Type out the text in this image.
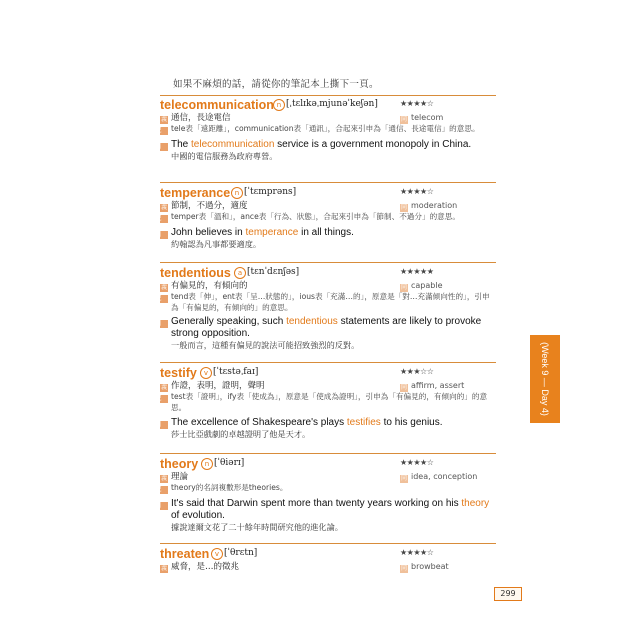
如果不麻煩的話，請從你的筆記本上撕下一頁。
telecommunication n [ˌtɛlɪkəˌmjunəˈkeʃən]	★★★★☆
義 通信，長途電信	同 telecom
記 tele表「遠距離」，communication表「通訊」，合起來引申為「通信、長途電信」的意思。
例 The telecommunication service is a government monopoly in China.
中國的電信服務為政府專營。
temperance n [ˈtɛmprəns]	★★★★☆
義 節制，不過分，適度	同 moderation
記 temper表「溫和」，ance表「行為、狀態」，合起來引申為「節制、不過分」的意思。
例 John believes in temperance in all things.
約翰認為凡事都要適度。
tendentious	a [tɛnˈdɛnʃəs]	★★★★★
義 有偏見的，有傾向的	同 capable
記 tend表「伸」，ent表「呈…狀態的」，ious表「充滿…的」，原意是「對…充滿傾向性的」，引申為「有偏見的，有傾向的」的意思。
例 Generally speaking, such tendentious statements are likely to provoke strong opposition.
一般而言，這種有偏見的說法可能招致強烈的反對。
testify	v [ˈtɛstəˌfaɪ]	★★★☆☆
義 作證，表明，證明，聲明	同 affirm, assert
記 test表「證明」，ify表「使成為」，原意是「使成為證明」，引申為「有偏見的，有傾向的」的意思。
例 The excellence of Shakespeare's plays testifies to his genius.
莎士比亞戲劇的卓越證明了他是天才。
theory n [ˈθiərɪ]	★★★★☆
義 理論	同 idea, conception
記 theory的名詞複數形是theories。
例 It's said that Darwin spent more than twenty years working on his theory of evolution.
據說達爾文花了二十餘年時間研究他的進化論。
threaten v [ˈθrɛtn]	★★★★☆
義 威脅，是…的徵兆	同 browbeat
(Week 9 — Day 4)
299
